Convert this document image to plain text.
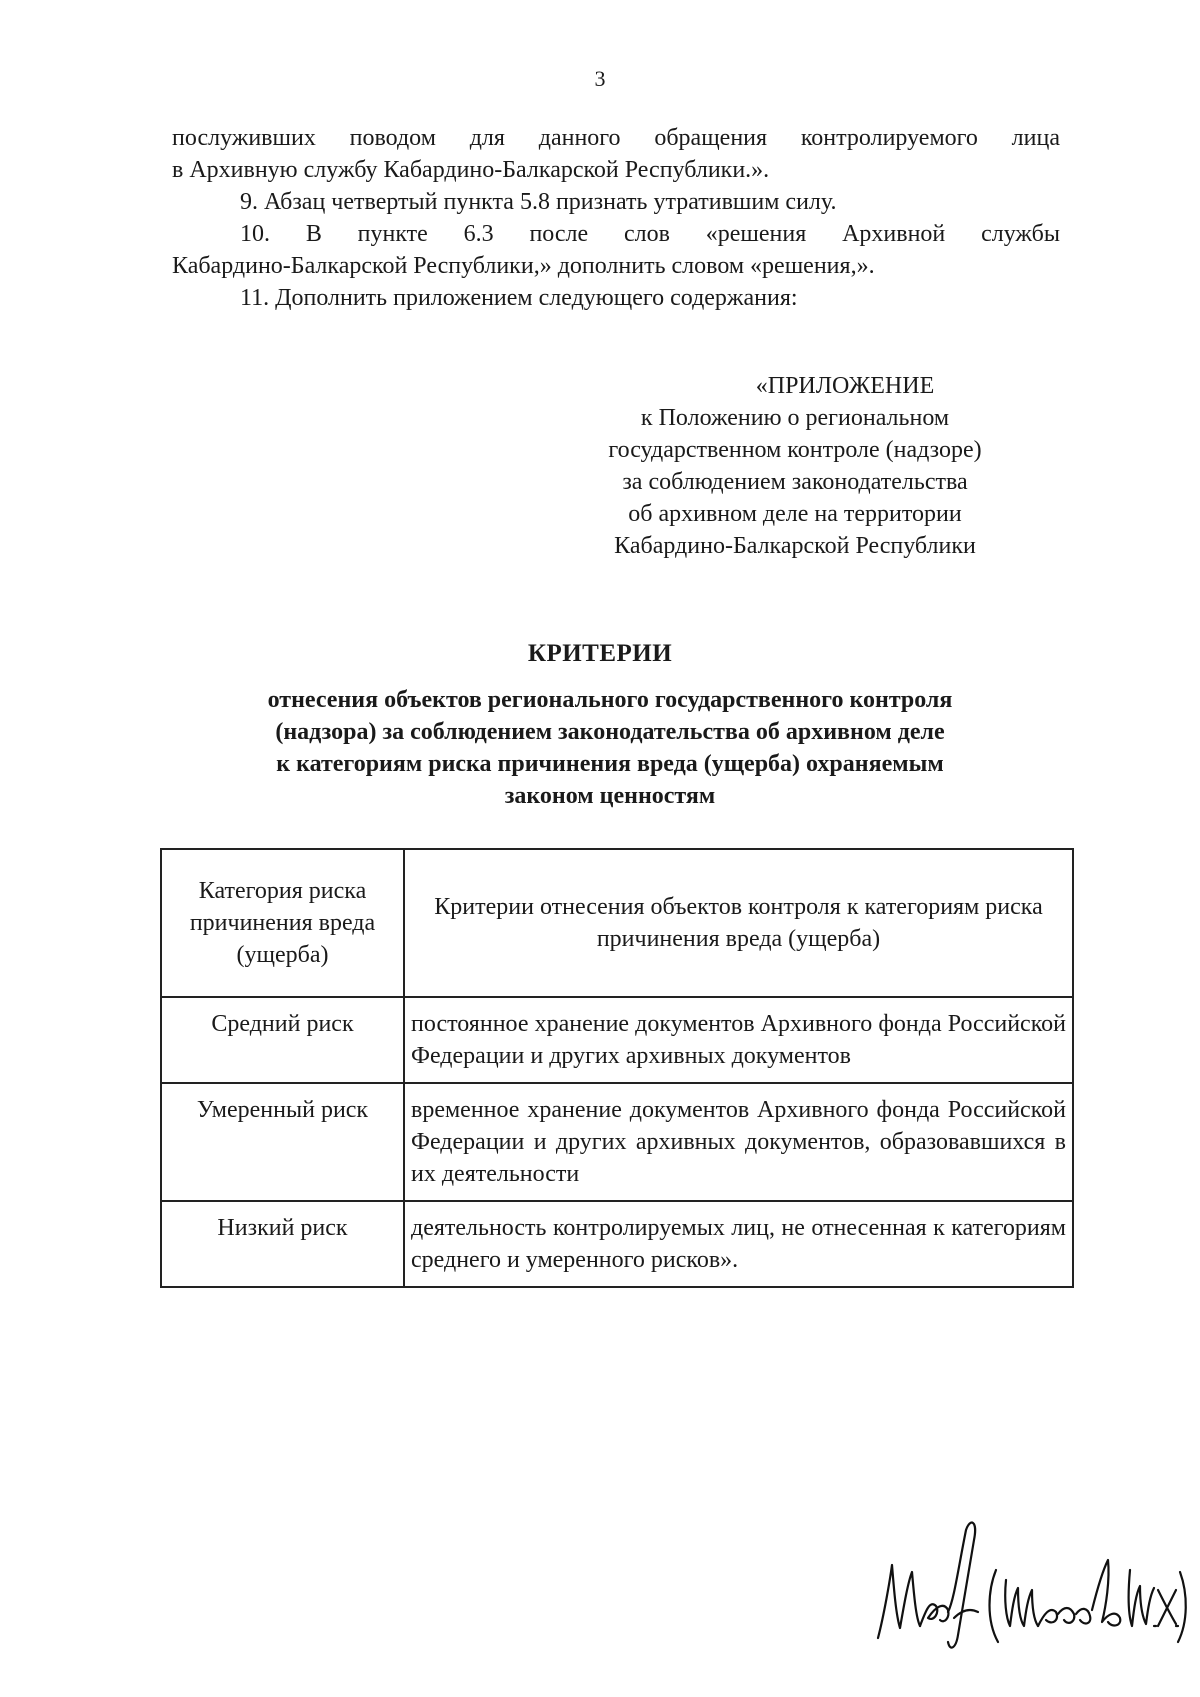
3

послуживших поводом для данного обращения контролируемого лица

в Архивную службу Кабардино-Балкарской Республики.».

9. Абзац четвертый пункта 5.8 признать утратившим силу.

10. В пункте 6.3 после слов «решения Архивной службы

Кабардино-Балкарской Республики,» дополнить словом «решения,».

11. Дополнить приложением следующего содержания:

«ПРИЛОЖЕНИЕ
к Положению о региональном
государственном контроле (надзоре)
за соблюдением законодательства
об архивном деле на территории
Кабардино-Балкарской Республики
КРИТЕРИИ
отнесения объектов регионального государственного контроля
(надзора) за соблюдением законодательства об архивном деле
к категориям риска причинения вреда (ущерба) охраняемым
законом ценностям
Категория риска причинения вреда (ущерба)	Критерии отнесения объектов контроля к категориям риска причинения вреда (ущерба)
Средний риск	постоянное хранение документов Архивного фонда Российской Федерации и других архивных документов
Умеренный риск	временное хранение документов Архивного фонда Российской Федерации и других архивных документов, образовавшихся в их деятельности
Низкий риск	деятельность контролируемых лиц, не отнесенная к категориям среднего и умеренного рисков».
